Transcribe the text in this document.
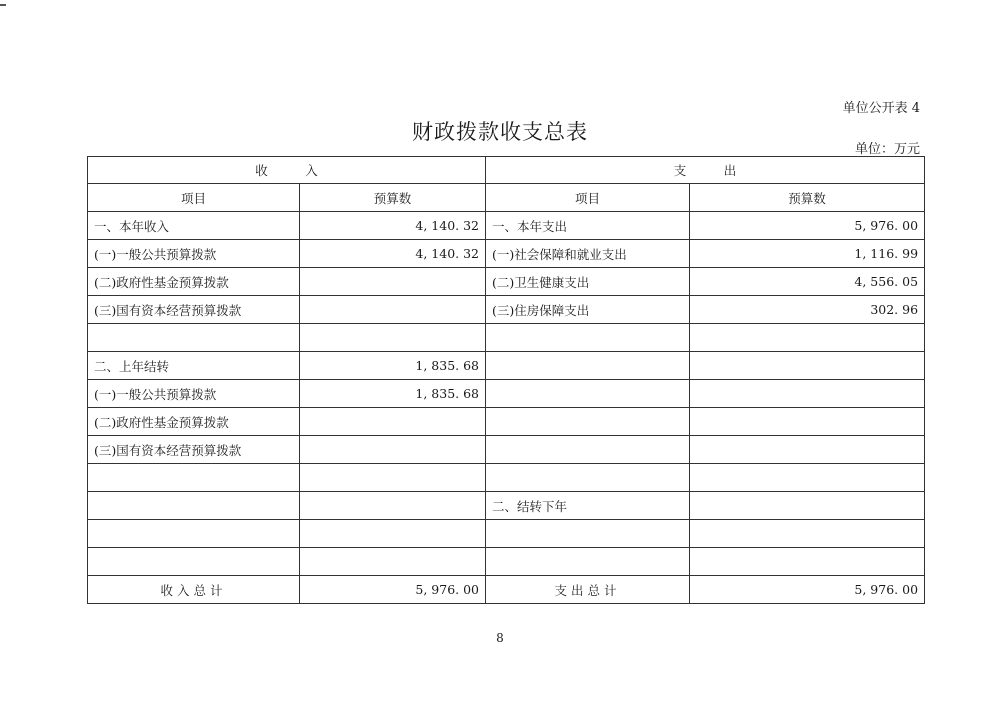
单位公开表 4
财政拨款收支总表
单位：万元
收　　　入		支　　　出	
项目	预算数	项目	预算数
一、本年收入	4, 140. 32	一、本年支出	5, 976. 00
(一)一般公共预算拨款	4, 140. 32	(一)社会保障和就业支出	1, 116. 99
(二)政府性基金预算拨款		(二)卫生健康支出	4, 556. 05
(三)国有资本经营预算拨款		(三)住房保障支出	302. 96

二、上年结转	1, 835. 68		
(一)一般公共预算拨款	1, 835. 68		
(二)政府性基金预算拨款			
(三)国有资本经营预算拨款			

		二、结转下年	

收入总计	5, 976. 00	支出总计	5, 976. 00
8
